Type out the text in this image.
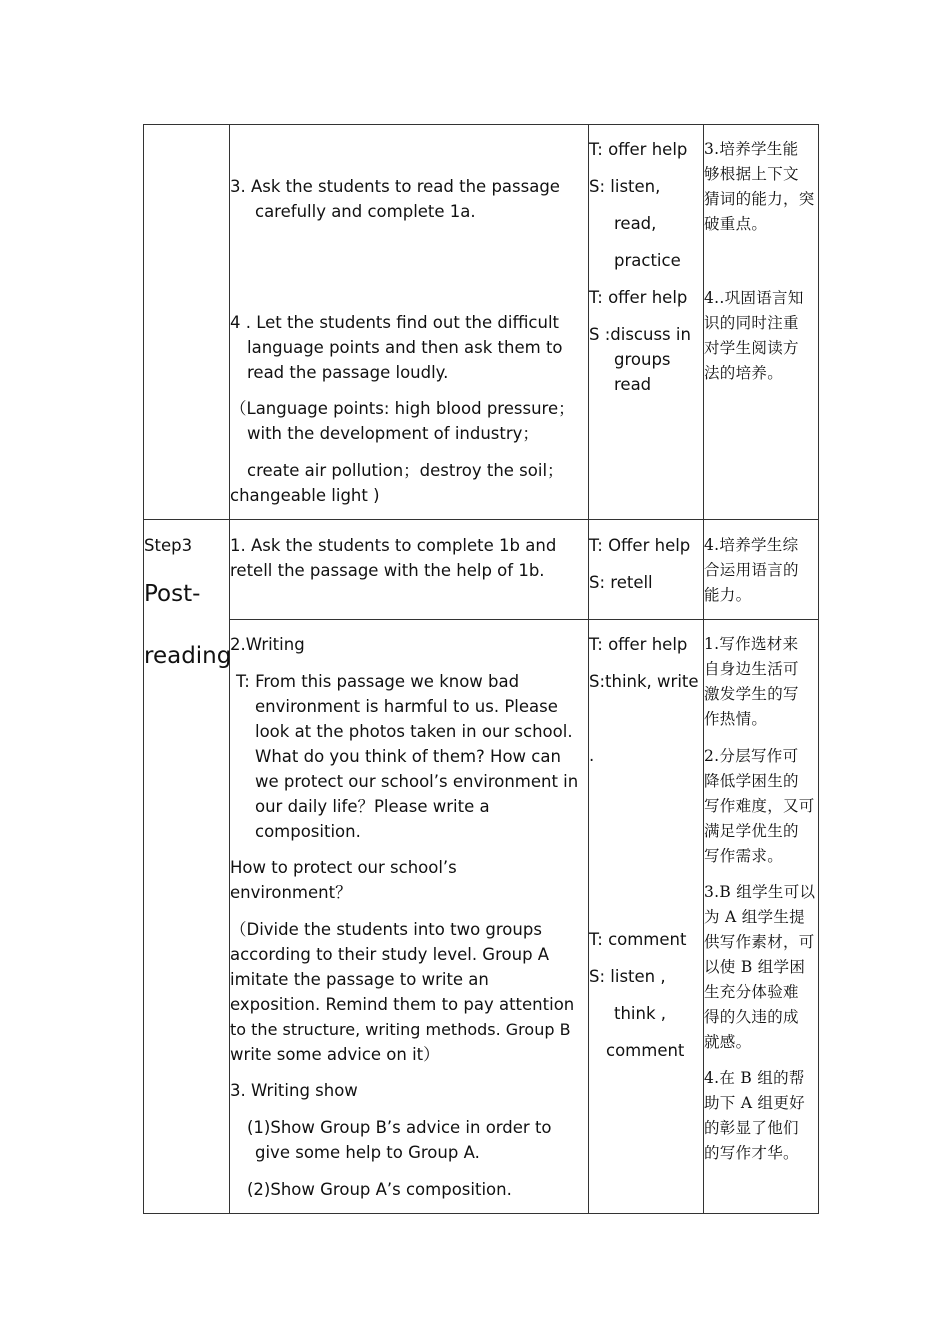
3. Ask the students to read the passage
carefully and complete 1a.
4 . Let the students find out the difficult
language points and then ask them to
read the passage loudly.
（Language points: high blood pressure；
with the development of industry；
create air pollution；destroy the soil；
changeable light )
T: offer help
S: listen,
read,
practice
T: offer help
S :discuss in
groups
read
3.培养学生能
够根据上下文
猜词的能力，突
破重点。
4..巩固语言知
识的同时注重
对学生阅读方
法的培养。
Step3
Post-
reading
1. Ask the students to complete 1b and
retell the passage with the help of 1b.
T: Offer help
S: retell
4.培养学生综
合运用语言的
能力。
2.Writing
T: From this passage we know bad
environment is harmful to us. Please
look at the photos taken in our school.
What do you think of them? How can
we protect our school’s environment in
our daily life？Please write a
composition.
How to protect our school’s
environment？
（Divide the students into two groups
according to their study level. Group A
imitate the passage to write an
exposition. Remind them to pay attention
to the structure, writing methods. Group B
write some advice on it）
3. Writing show
(1)Show Group B’s advice in order to
give some help to Group A.
(2)Show Group A’s composition.
T: offer help
S:think, write
.
T: comment
S: listen ,
think ,
comment
1.写作选材来
自身边生活可
激发学生的写
作热情。
2.分层写作可
降低学困生的
写作难度，又可
满足学优生的
写作需求。
3.B 组学生可以
为 A 组学生提
供写作素材，可
以使 B 组学困
生充分体验难
得的久违的成
就感。
4.在 B 组的帮
助下 A 组更好
的彰显了他们
的写作才华。
